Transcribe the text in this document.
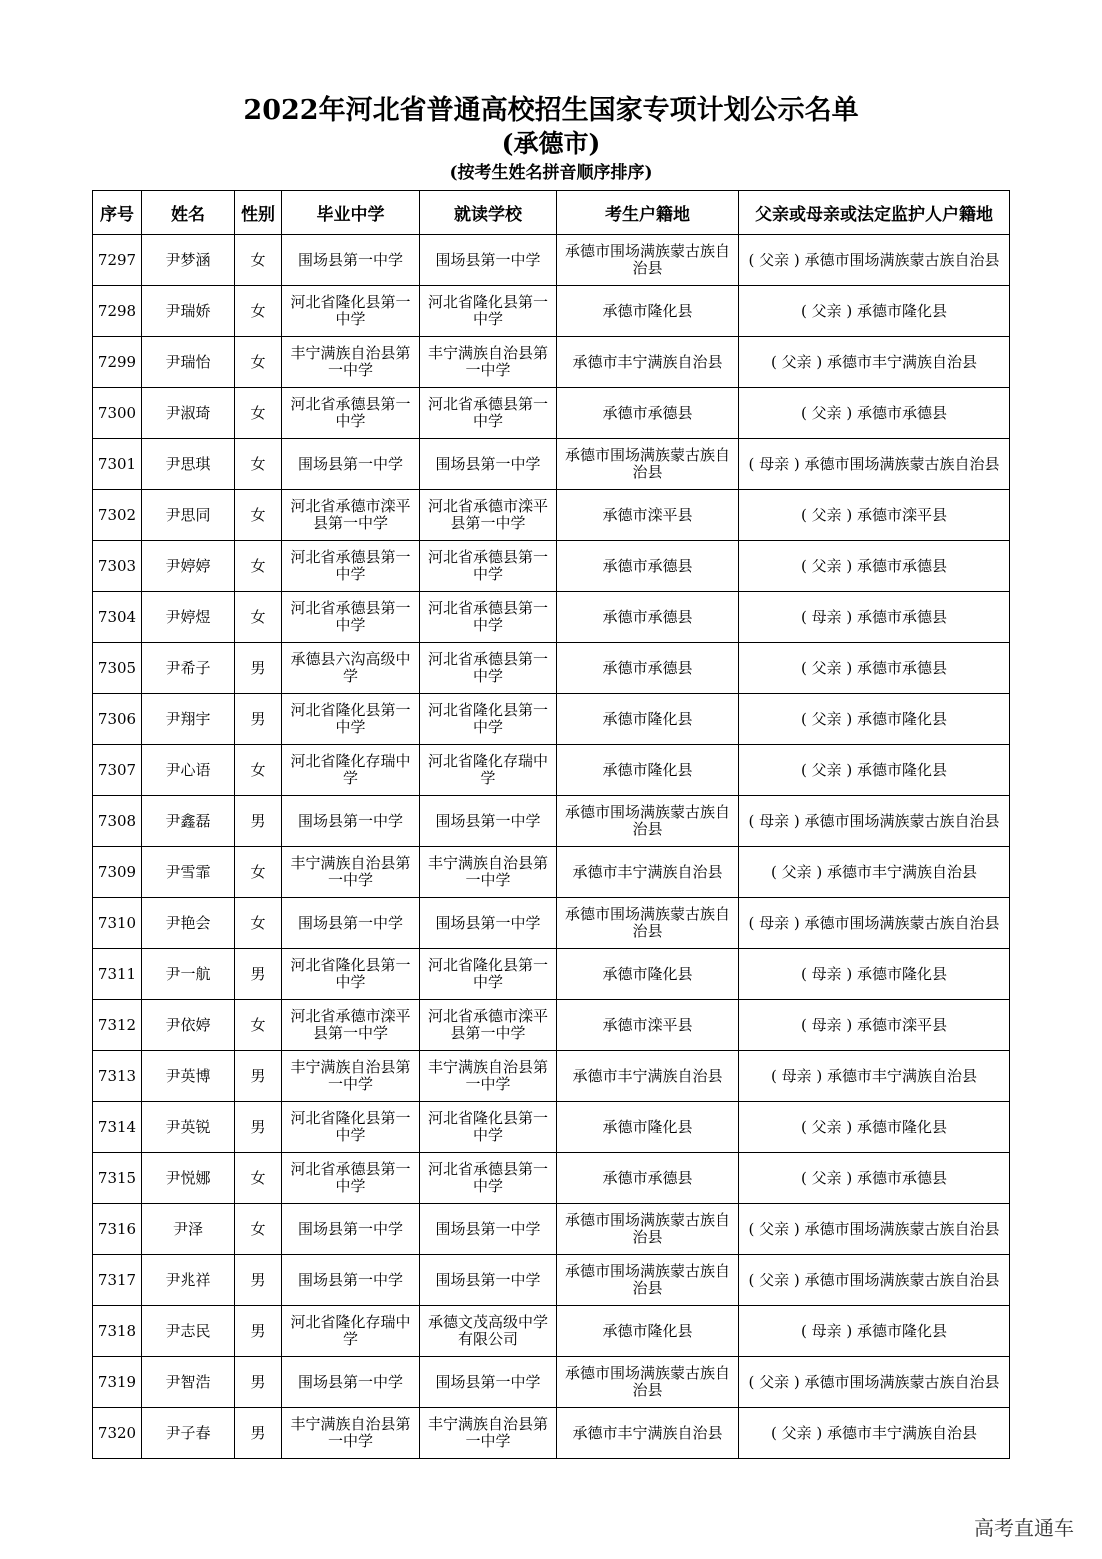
2022年河北省普通高校招生国家专项计划公示名单
(承德市)
(按考生姓名拼音顺序排序)
序号	姓名	性别	毕业中学	就读学校	考生户籍地	父亲或母亲或法定监护人户籍地
7297	尹梦涵	女	围场县第一中学	围场县第一中学	承德市围场满族蒙古族自治县	( 父亲 ) 承德市围场满族蒙古族自治县
7298	尹瑞娇	女	河北省隆化县第一中学	河北省隆化县第一中学	承德市隆化县	( 父亲 ) 承德市隆化县
7299	尹瑞怡	女	丰宁满族自治县第一中学	丰宁满族自治县第一中学	承德市丰宁满族自治县	( 父亲 ) 承德市丰宁满族自治县
7300	尹淑琦	女	河北省承德县第一中学	河北省承德县第一中学	承德市承德县	( 父亲 ) 承德市承德县
7301	尹思琪	女	围场县第一中学	围场县第一中学	承德市围场满族蒙古族自治县	( 母亲 ) 承德市围场满族蒙古族自治县
7302	尹思同	女	河北省承德市滦平县第一中学	河北省承德市滦平县第一中学	承德市滦平县	( 父亲 ) 承德市滦平县
7303	尹婷婷	女	河北省承德县第一中学	河北省承德县第一中学	承德市承德县	( 父亲 ) 承德市承德县
7304	尹婷煜	女	河北省承德县第一中学	河北省承德县第一中学	承德市承德县	( 母亲 ) 承德市承德县
7305	尹希子	男	承德县六沟高级中学	河北省承德县第一中学	承德市承德县	( 父亲 ) 承德市承德县
7306	尹翔宇	男	河北省隆化县第一中学	河北省隆化县第一中学	承德市隆化县	( 父亲 ) 承德市隆化县
7307	尹心语	女	河北省隆化存瑞中学	河北省隆化存瑞中学	承德市隆化县	( 父亲 ) 承德市隆化县
7308	尹鑫磊	男	围场县第一中学	围场县第一中学	承德市围场满族蒙古族自治县	( 母亲 ) 承德市围场满族蒙古族自治县
7309	尹雪霏	女	丰宁满族自治县第一中学	丰宁满族自治县第一中学	承德市丰宁满族自治县	( 父亲 ) 承德市丰宁满族自治县
7310	尹艳会	女	围场县第一中学	围场县第一中学	承德市围场满族蒙古族自治县	( 母亲 ) 承德市围场满族蒙古族自治县
7311	尹一航	男	河北省隆化县第一中学	河北省隆化县第一中学	承德市隆化县	( 母亲 ) 承德市隆化县
7312	尹依婷	女	河北省承德市滦平县第一中学	河北省承德市滦平县第一中学	承德市滦平县	( 母亲 ) 承德市滦平县
7313	尹英博	男	丰宁满族自治县第一中学	丰宁满族自治县第一中学	承德市丰宁满族自治县	( 母亲 ) 承德市丰宁满族自治县
7314	尹英锐	男	河北省隆化县第一中学	河北省隆化县第一中学	承德市隆化县	( 父亲 ) 承德市隆化县
7315	尹悦娜	女	河北省承德县第一中学	河北省承德县第一中学	承德市承德县	( 父亲 ) 承德市承德县
7316	尹泽	女	围场县第一中学	围场县第一中学	承德市围场满族蒙古族自治县	( 父亲 ) 承德市围场满族蒙古族自治县
7317	尹兆祥	男	围场县第一中学	围场县第一中学	承德市围场满族蒙古族自治县	( 父亲 ) 承德市围场满族蒙古族自治县
7318	尹志民	男	河北省隆化存瑞中学	承德文茂高级中学有限公司	承德市隆化县	( 母亲 ) 承德市隆化县
7319	尹智浩	男	围场县第一中学	围场县第一中学	承德市围场满族蒙古族自治县	( 父亲 ) 承德市围场满族蒙古族自治县
7320	尹子春	男	丰宁满族自治县第一中学	丰宁满族自治县第一中学	承德市丰宁满族自治县	( 父亲 ) 承德市丰宁满族自治县
高考直通车
